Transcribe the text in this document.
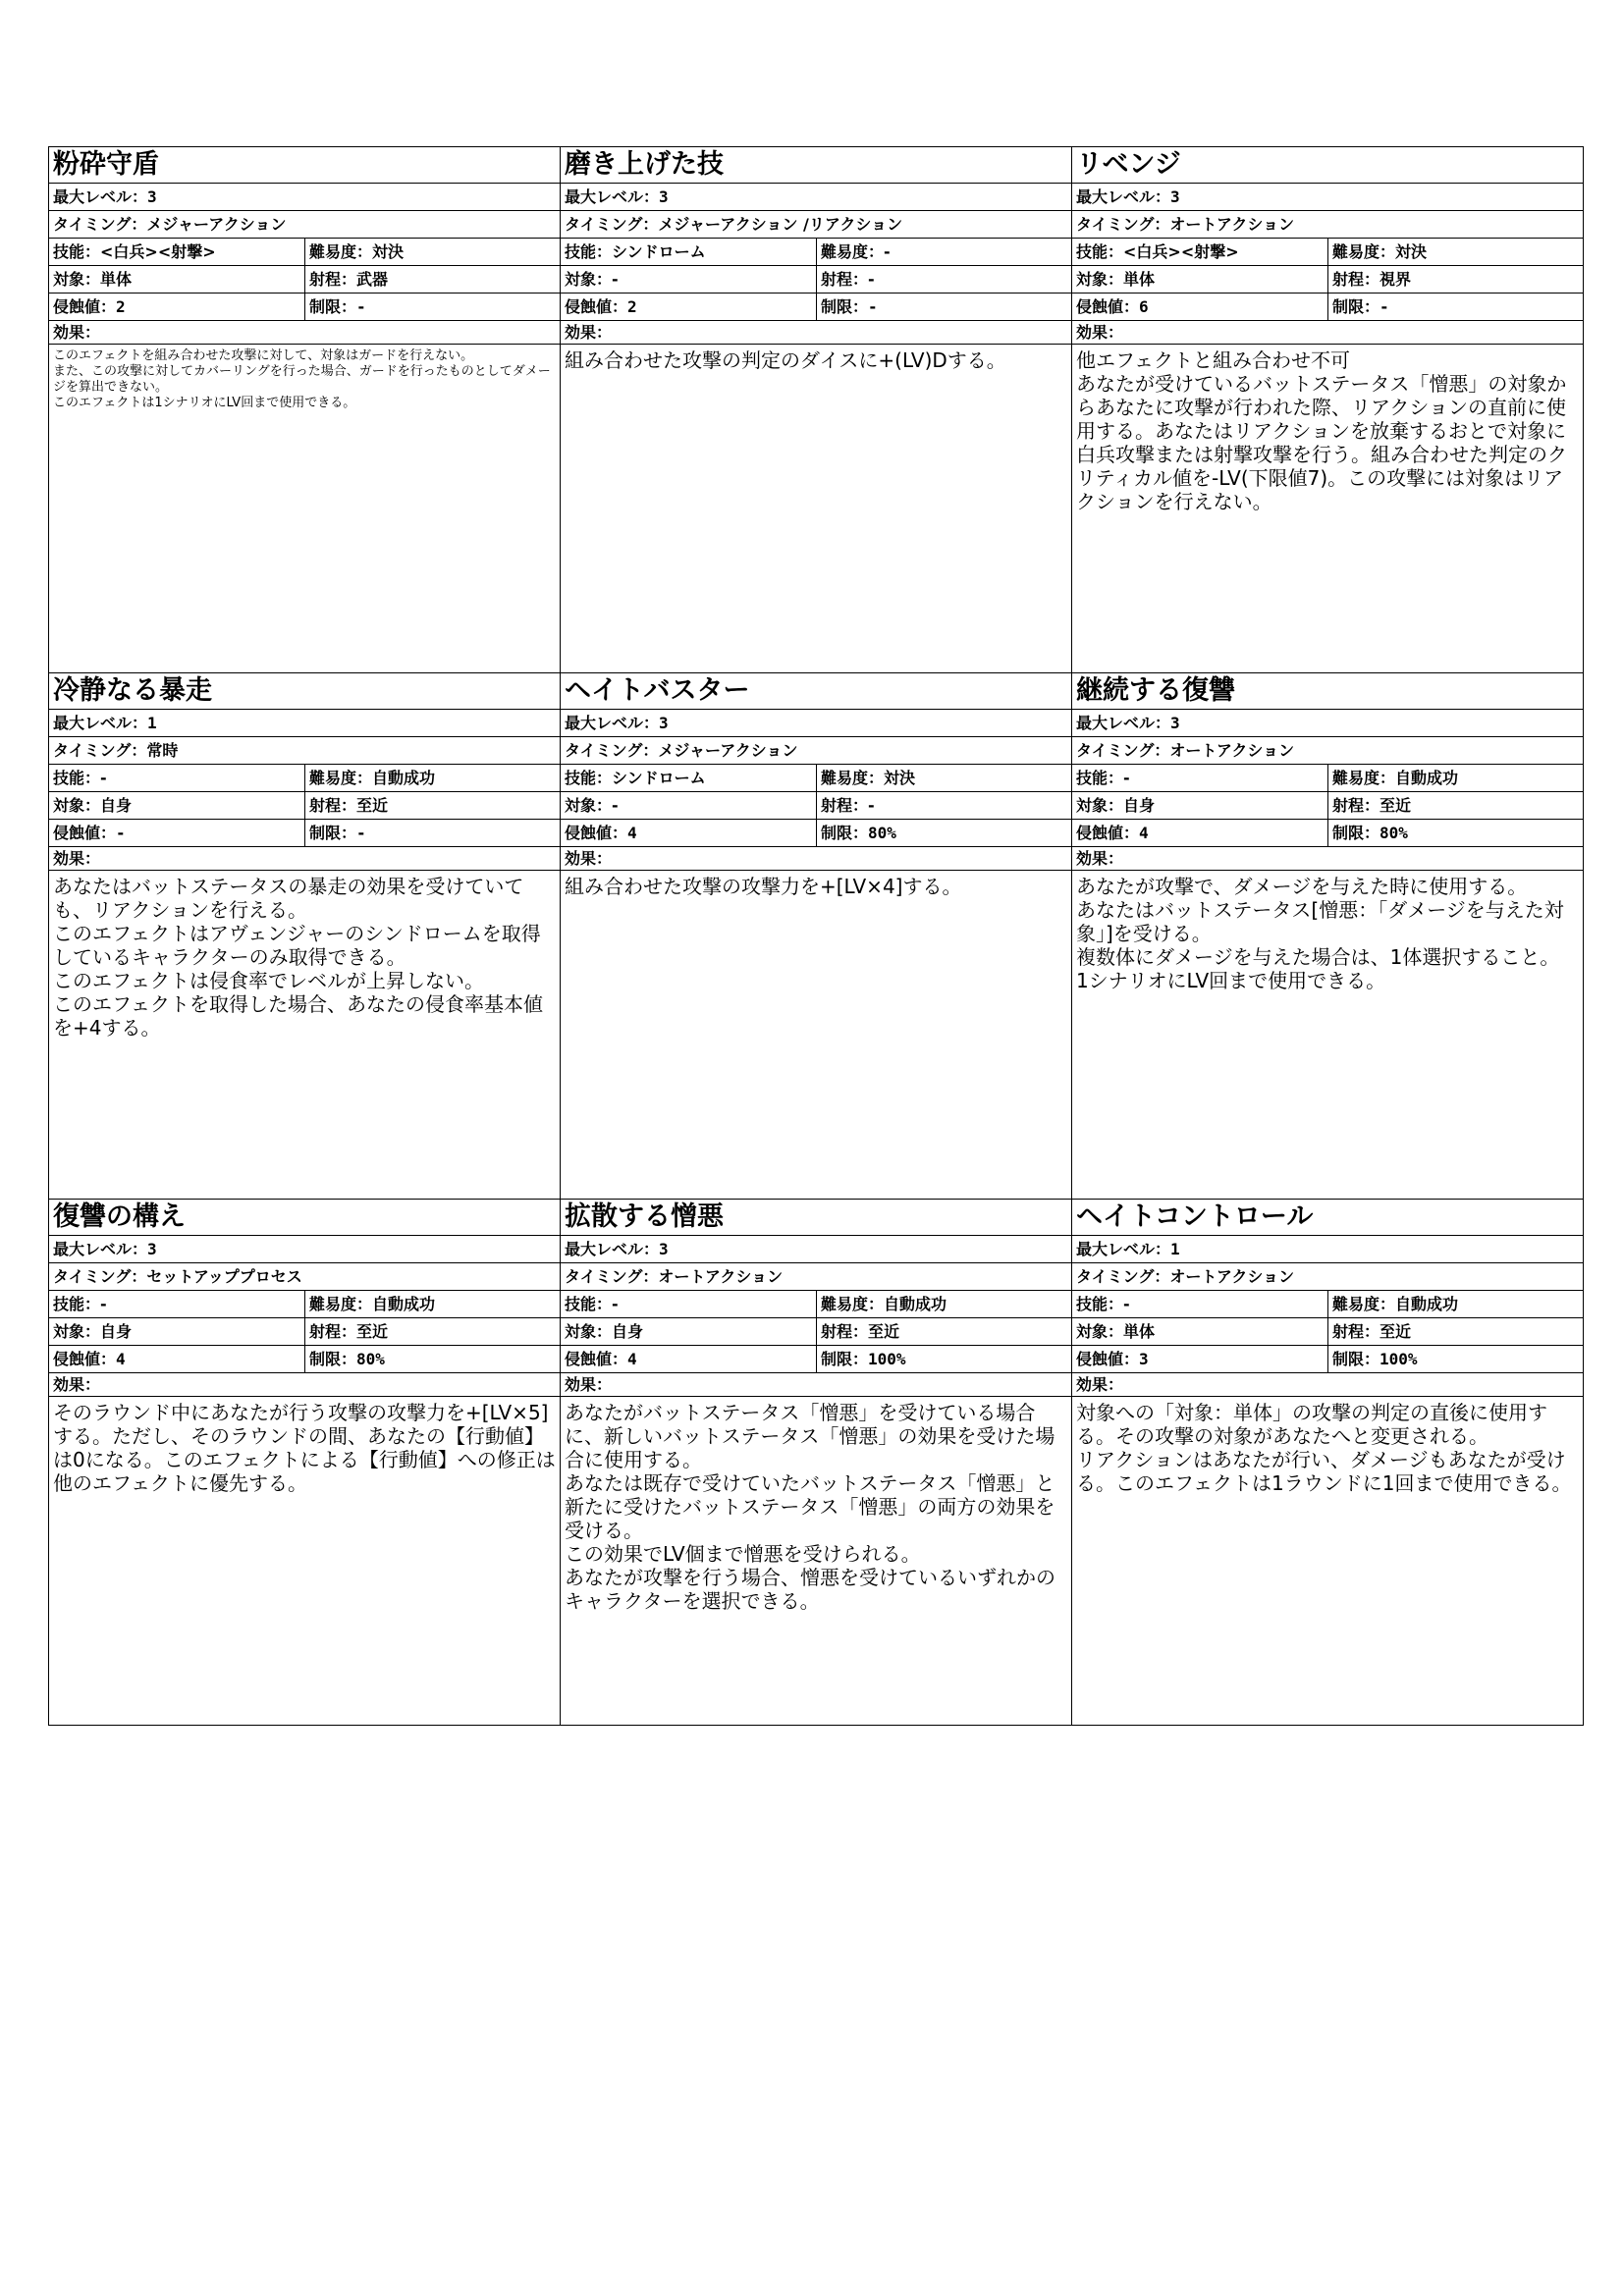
粉砕守盾
最大レベル：3
タイミング：メジャーアクション
技能：<白兵><射撃>	難易度：対決
対象：単体	射程：武器
侵蝕値：2	制限：-
効果：

このエフェクトを組み合わせた攻撃に対して、対象はガードを行えない。
また、この攻撃に対してカバーリングを行った場合、ガードを行ったものとしてダメージを算出できない。
このエフェクトは1シナリオにLV回まで使用できる。

磨き上げた技
最大レベル：3
タイミング：メジャーアクション /リアクション
技能：シンドローム	難易度：-
対象：-	射程：-
侵蝕値：2	制限：-
効果：

組み合わせた攻撃の判定のダイスに+(LV)Dする。

リベンジ
最大レベル：3
タイミング：オートアクション
技能：<白兵><射撃>	難易度：対決
対象：単体	射程：視界
侵蝕値：6	制限：-
効果：

他エフェクトと組み合わせ不可
あなたが受けているバットステータス「憎悪」の対象からあなたに攻撃が行われた際、リアクションの直前に使用する。あなたはリアクションを放棄するおとで対象に白兵攻撃または射撃攻撃を行う。組み合わせた判定のクリティカル値を-LV(下限値7)。この攻撃には対象はリアクションを行えない。

冷静なる暴走
最大レベル：1
タイミング：常時
技能：-	難易度：自動成功
対象：自身	射程：至近
侵蝕値：-	制限：-
効果：

あなたはバットステータスの暴走の効果を受けていても、リアクションを行える。
このエフェクトはアヴェンジャーのシンドロームを取得しているキャラクターのみ取得できる。
このエフェクトは侵食率でレベルが上昇しない。
このエフェクトを取得した場合、あなたの侵食率基本値を+4する。

ヘイトバスター
最大レベル：3
タイミング：メジャーアクション
技能：シンドローム	難易度：対決
対象：-	射程：-
侵蝕値：4	制限：80%
効果：

組み合わせた攻撃の攻撃力を+[LV×4]する。

継続する復讐
最大レベル：3
タイミング：オートアクション
技能：-	難易度：自動成功
対象：自身	射程：至近
侵蝕値：4	制限：80%
効果：

あなたが攻撃で、ダメージを与えた時に使用する。
あなたはバットステータス[憎悪：「ダメージを与えた対象」]を受ける。
複数体にダメージを与えた場合は、1体選択すること。
1シナリオにLV回まで使用できる。

復讐の構え
最大レベル：3
タイミング：セットアッププロセス
技能：-	難易度：自動成功
対象：自身	射程：至近
侵蝕値：4	制限：80%
効果：

そのラウンド中にあなたが行う攻撃の攻撃力を+[LV×5]する。ただし、そのラウンドの間、あなたの【行動値】は0になる。このエフェクトによる【行動値】への修正は他のエフェクトに優先する。

拡散する憎悪
最大レベル：3
タイミング：オートアクション
技能：-	難易度：自動成功
対象：自身	射程：至近
侵蝕値：4	制限：100%
効果：

あなたがバットステータス「憎悪」を受けている場合に、新しいバットステータス「憎悪」の効果を受けた場合に使用する。
あなたは既存で受けていたバットステータス「憎悪」と新たに受けたバットステータス「憎悪」の両方の効果を受ける。
この効果でLV個まで憎悪を受けられる。
あなたが攻撃を行う場合、憎悪を受けているいずれかのキャラクターを選択できる。

ヘイトコントロール
最大レベル：1
タイミング：オートアクション
技能：-	難易度：自動成功
対象：単体	射程：至近
侵蝕値：3	制限：100%
効果：

対象への「対象：単体」の攻撃の判定の直後に使用する。その攻撃の対象があなたへと変更される。
リアクションはあなたが行い、ダメージもあなたが受ける。このエフェクトは1ラウンドに1回まで使用できる。
